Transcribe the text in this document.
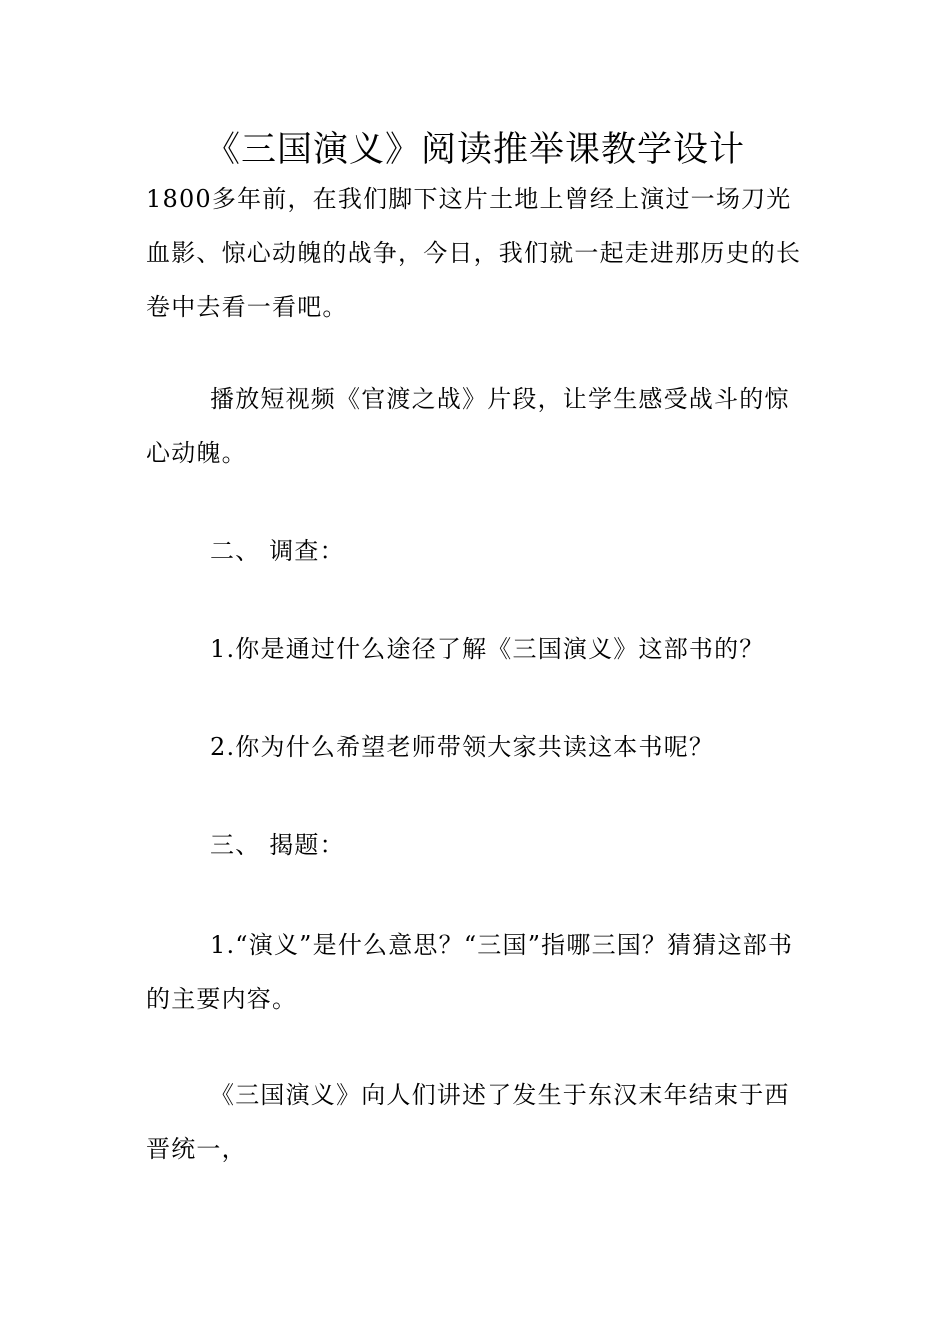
《三国演义》阅读推举课教学设计

1800多年前，在我们脚下这片土地上曾经上演过一场刀光血影、惊心动魄的战争，今日，我们就一起走进那历史的长卷中去看一看吧。

播放短视频《官渡之战》片段，让学生感受战斗的惊心动魄。

二、 调查：

1.你是通过什么途径了解《三国演义》这部书的？

2.你为什么希望老师带领大家共读这本书呢？

三、 揭题：

1.“演义”是什么意思？“三国”指哪三国？猜猜这部书的主要内容。

《三国演义》向人们讲述了发生于东汉末年结束于西晋统一，
